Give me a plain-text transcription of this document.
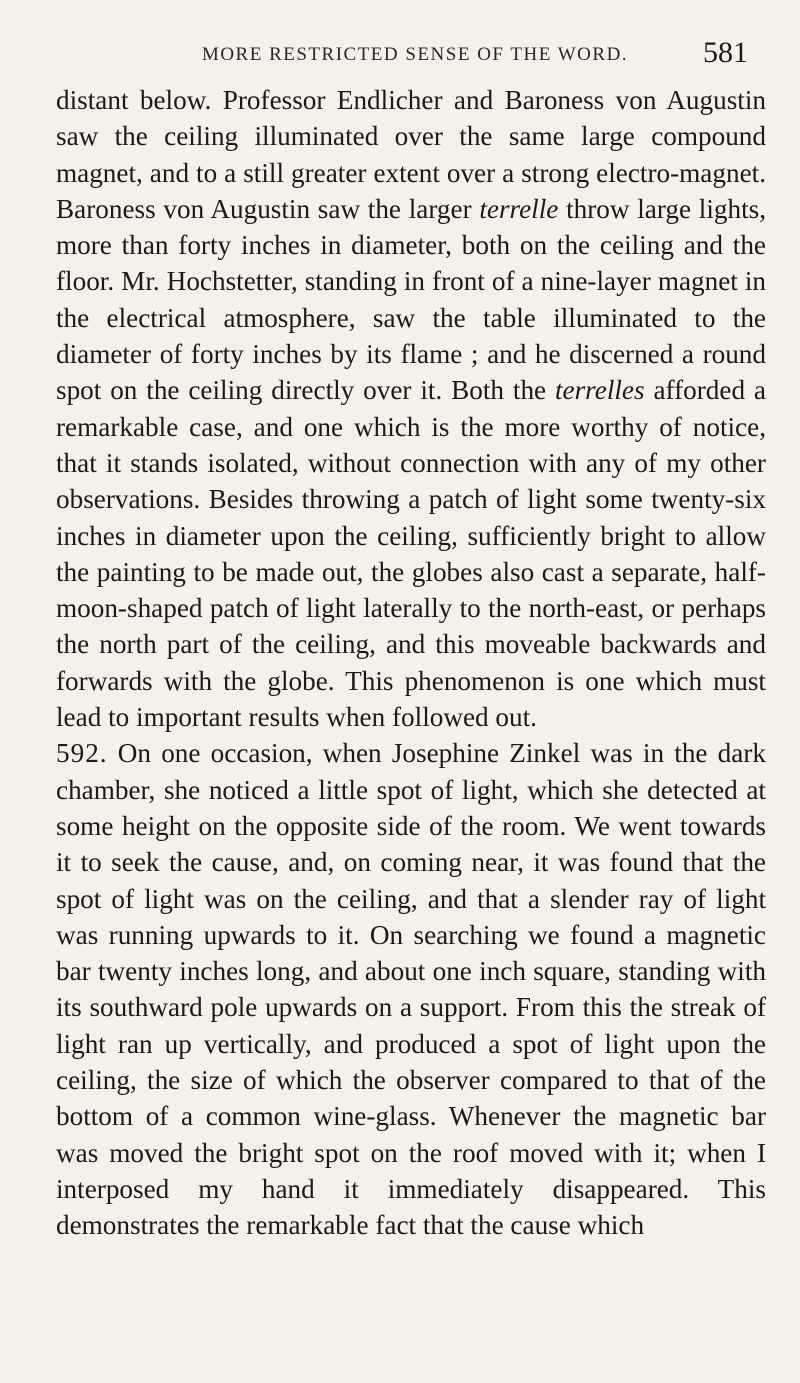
MORE RESTRICTED SENSE OF THE WORD.	581

distant below. Professor Endlicher and Baroness von Augustin saw the ceiling illuminated over the same large compound magnet, and to a still greater extent over a strong electro-magnet. Baroness von Augustin saw the larger terrelle throw large lights, more than forty inches in diameter, both on the ceiling and the floor. Mr. Hochstetter, standing in front of a nine-layer magnet in the electrical atmosphere, saw the table illuminated to the diameter of forty inches by its flame ; and he discerned a round spot on the ceiling directly over it. Both the terrelles afforded a remarkable case, and one which is the more worthy of notice, that it stands isolated, without connection with any of my other observations. Besides throwing a patch of light some twenty-six inches in diameter upon the ceiling, sufficiently bright to allow the painting to be made out, the globes also cast a separate, half-moon-shaped patch of light laterally to the north-east, or perhaps the north part of the ceiling, and this moveable backwards and forwards with the globe. This phenomenon is one which must lead to important results when followed out.

592. On one occasion, when Josephine Zinkel was in the dark chamber, she noticed a little spot of light, which she detected at some height on the opposite side of the room. We went towards it to seek the cause, and, on coming near, it was found that the spot of light was on the ceiling, and that a slender ray of light was running upwards to it. On searching we found a magnetic bar twenty inches long, and about one inch square, standing with its southward pole upwards on a support. From this the streak of light ran up vertically, and produced a spot of light upon the ceiling, the size of which the observer compared to that of the bottom of a common wine-glass. Whenever the magnetic bar was moved the bright spot on the roof moved with it; when I interposed my hand it immediately disappeared. This demonstrates the remarkable fact that the cause which
